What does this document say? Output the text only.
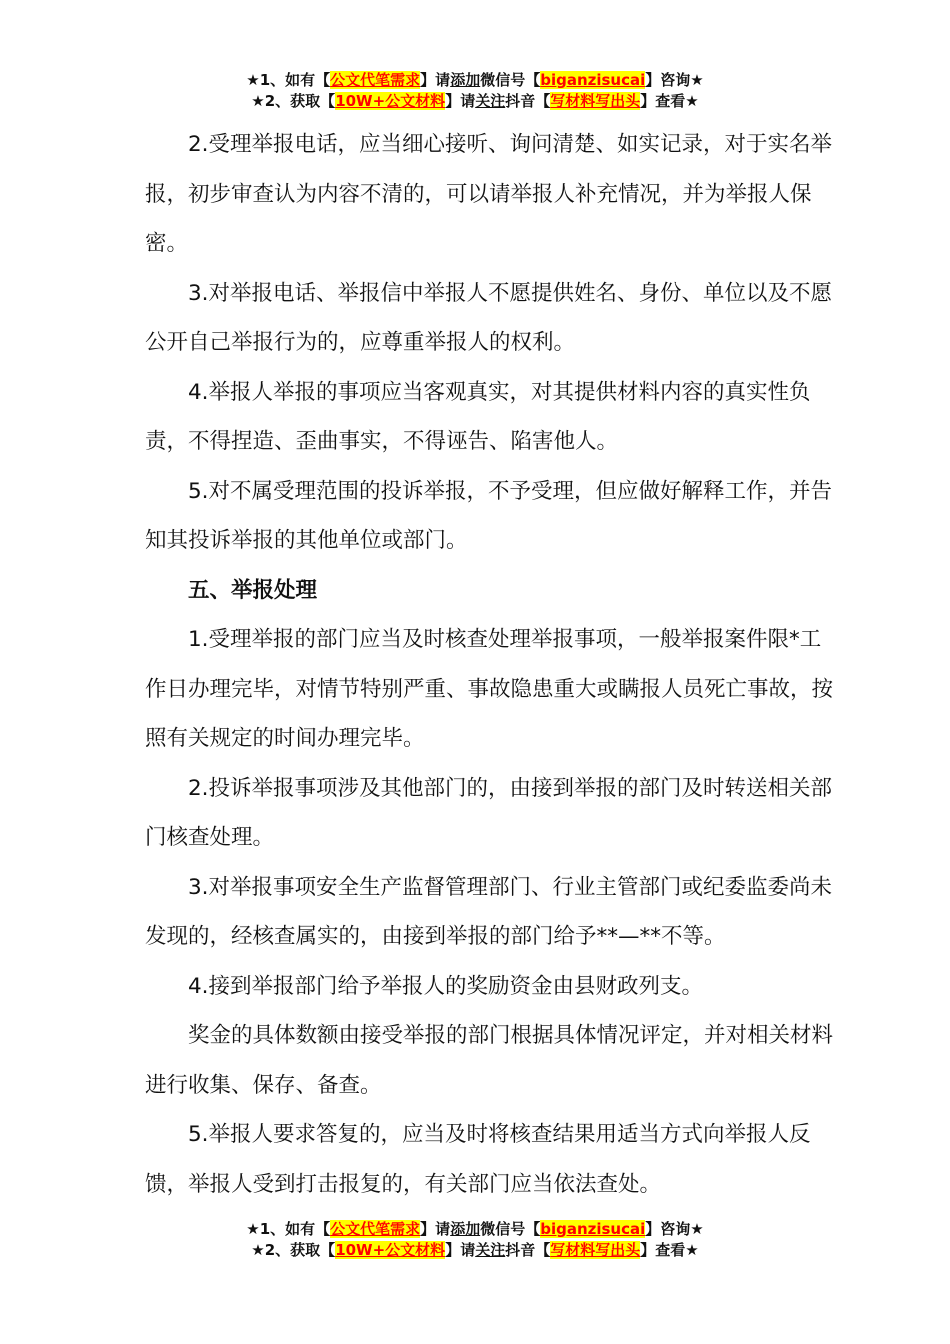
★1、如有【公文代笔需求】请添加微信号【biganzisucai】咨询★
★2、获取【10W+公文材料】请关注抖音【写材料写出头】查看★

2.受理举报电话，应当细心接听、询问清楚、如实记录，对于实名举报，初步审查认为内容不清的，可以请举报人补充情况，并为举报人保密。

3.对举报电话、举报信中举报人不愿提供姓名、身份、单位以及不愿公开自己举报行为的，应尊重举报人的权利。

4.举报人举报的事项应当客观真实，对其提供材料内容的真实性负责，不得捏造、歪曲事实，不得诬告、陷害他人。

5.对不属受理范围的投诉举报，不予受理，但应做好解释工作，并告知其投诉举报的其他单位或部门。

五、举报处理

1.受理举报的部门应当及时核查处理举报事项，一般举报案件限*工作日办理完毕，对情节特别严重、事故隐患重大或瞒报人员死亡事故，按照有关规定的时间办理完毕。

2.投诉举报事项涉及其他部门的，由接到举报的部门及时转送相关部门核查处理。

3.对举报事项安全生产监督管理部门、行业主管部门或纪委监委尚未发现的，经核查属实的，由接到举报的部门给予**—**不等。

4.接到举报部门给予举报人的奖励资金由县财政列支。

奖金的具体数额由接受举报的部门根据具体情况评定，并对相关材料进行收集、保存、备查。

5.举报人要求答复的，应当及时将核查结果用适当方式向举报人反馈，举报人受到打击报复的，有关部门应当依法查处。

★1、如有【公文代笔需求】请添加微信号【biganzisucai】咨询★
★2、获取【10W+公文材料】请关注抖音【写材料写出头】查看★
